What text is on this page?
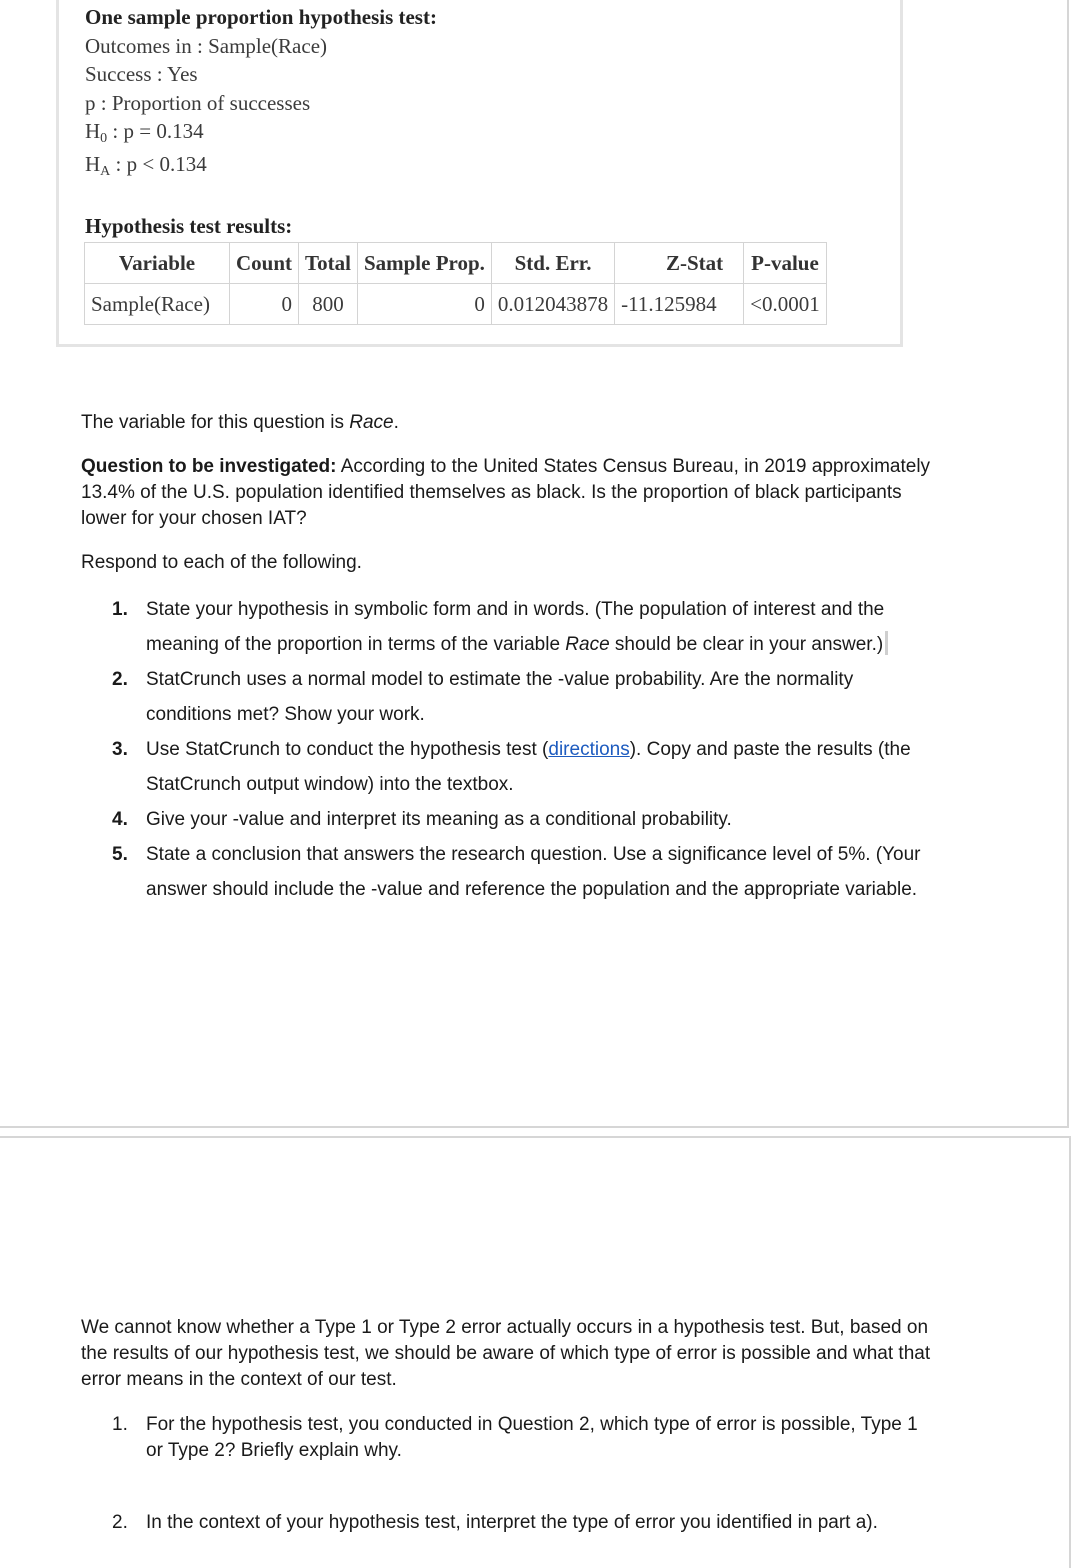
One sample proportion hypothesis test:
Outcomes in : Sample(Race)
Success : Yes
p : Proportion of successes
H0 : p = 0.134
HA : p < 0.134
Hypothesis test results:
Variable	Count	Total	Sample Prop.	Std. Err.	Z-Stat	P-value
Sample(Race)	0	800	0	0.012043878	-11.125984	<0.0001
The variable for this question is Race.
Question to be investigated: According to the United States Census Bureau, in 2019 approximately 13.4% of the U.S. population identified themselves as black. Is the proportion of black participants lower for your chosen IAT?
Respond to each of the following.
1. State your hypothesis in symbolic form and in words. (The population of interest and the meaning of the proportion in terms of the variable Race should be clear in your answer.)
2. StatCrunch uses a normal model to estimate the -value probability. Are the normality conditions met? Show your work.
3. Use StatCrunch to conduct the hypothesis test (directions). Copy and paste the results (the StatCrunch output window) into the textbox.
4. Give your -value and interpret its meaning as a conditional probability.
5. State a conclusion that answers the research question. Use a significance level of 5%. (Your answer should include the -value and reference the population and the appropriate variable.
We cannot know whether a Type 1 or Type 2 error actually occurs in a hypothesis test. But, based on the results of our hypothesis test, we should be aware of which type of error is possible and what that error means in the context of our test.
1. For the hypothesis test, you conducted in Question 2, which type of error is possible, Type 1 or Type 2? Briefly explain why.
2. In the context of your hypothesis test, interpret the type of error you identified in part a).
